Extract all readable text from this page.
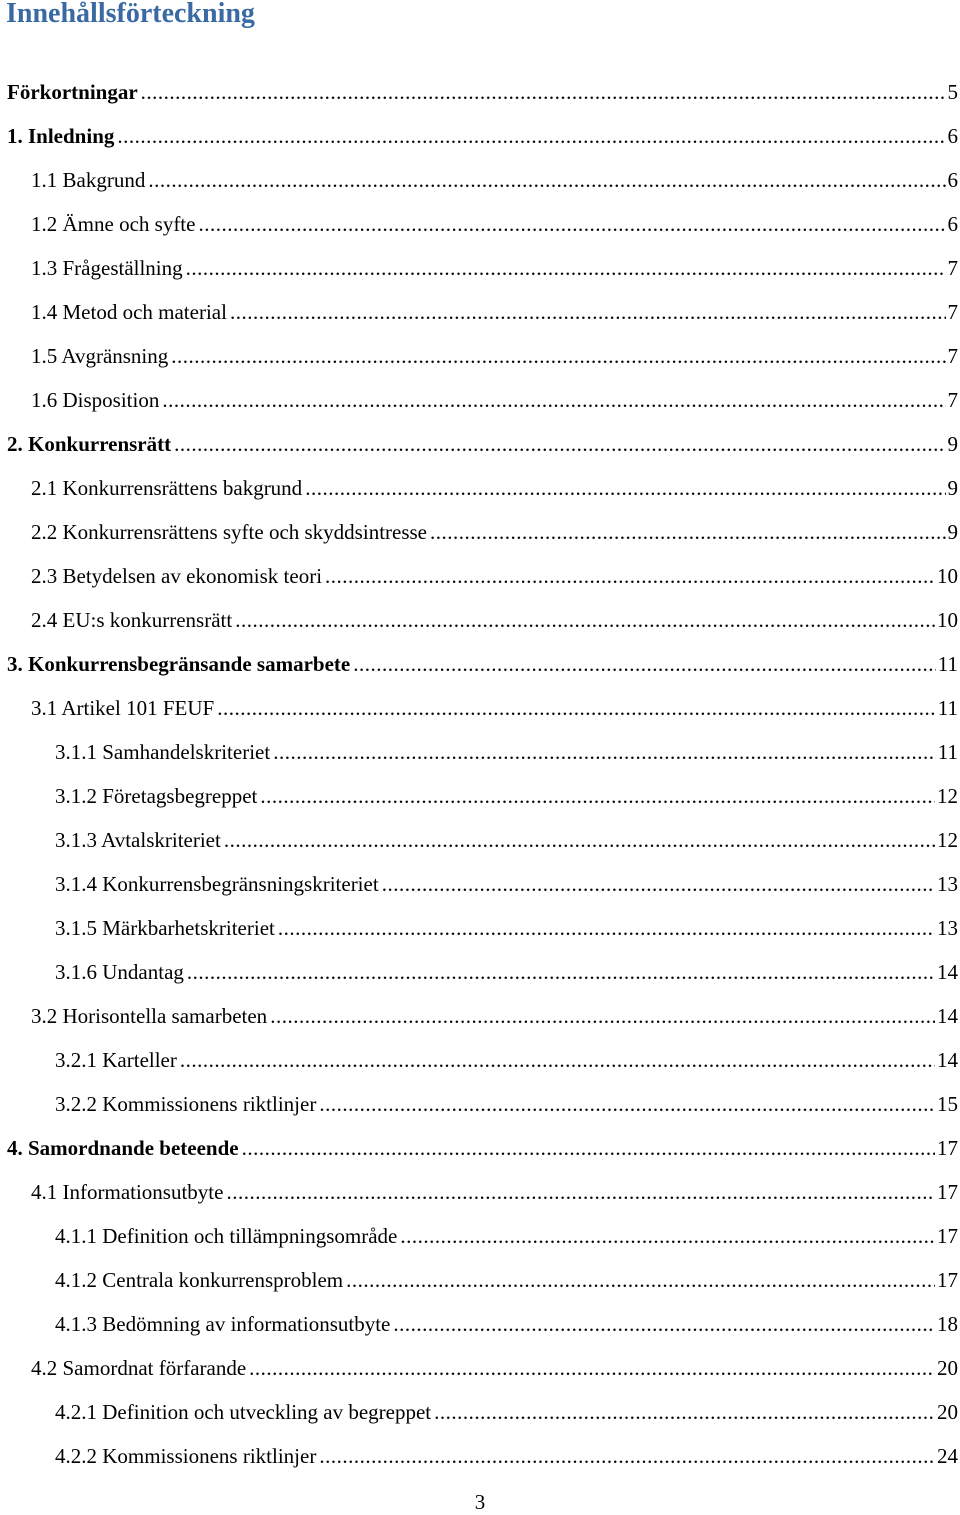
Innehållsförteckning
Förkortningar .....	5
1. Inledning .....	6
1.1 Bakgrund .....	6
1.2 Ämne och syfte .....	6
1.3 Frågeställning .....	7
1.4 Metod och material .....	7
1.5 Avgränsning .....	7
1.6 Disposition .....	7
2. Konkurrensrätt .....	9
2.1 Konkurrensrättens bakgrund .....	9
2.2 Konkurrensrättens syfte och skyddsintresse .....	9
2.3 Betydelsen av ekonomisk teori .....	10
2.4 EU:s konkurrensrätt .....	10
3. Konkurrensbegränsande samarbete .....	11
3.1 Artikel 101 FEUF .....	11
3.1.1 Samhandelskriteriet .....	11
3.1.2 Företagsbegreppet .....	12
3.1.3 Avtalskriteriet .....	12
3.1.4 Konkurrensbegränsningskriteriet .....	13
3.1.5 Märkbarhetskriteriet .....	13
3.1.6 Undantag .....	14
3.2 Horisontella samarbeten .....	14
3.2.1 Karteller .....	14
3.2.2 Kommissionens riktlinjer .....	15
4. Samordnande beteende .....	17
4.1 Informationsutbyte .....	17
4.1.1 Definition och tillämpningsområde .....	17
4.1.2 Centrala konkurrensproblem .....	17
4.1.3 Bedömning av informationsutbyte .....	18
4.2 Samordnat förfarande .....	20
4.2.1 Definition och utveckling av begreppet .....	20
4.2.2 Kommissionens riktlinjer .....	24

3
